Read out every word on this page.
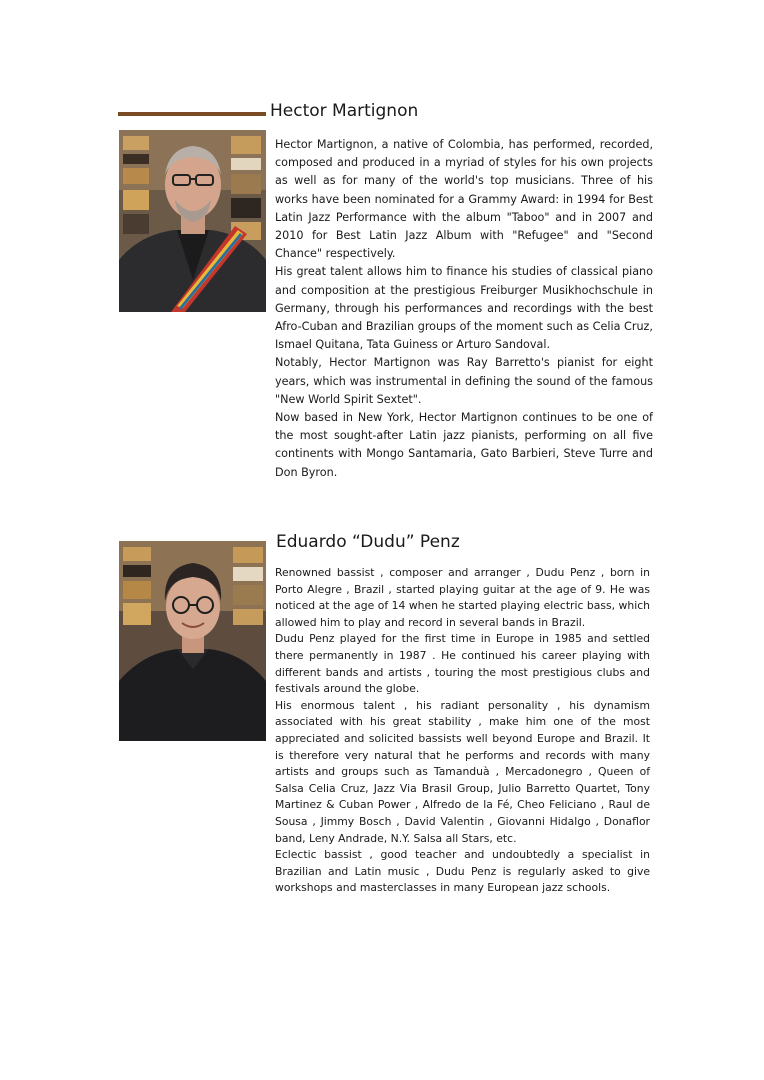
Hector Martignon

Hector Martignon, a native of Colombia, has performed, recorded, composed and produced in a myriad of styles for his own projects as well as for many of the world's top musicians. Three of his works have been nominated for a Grammy Award: in 1994 for Best Latin Jazz Performance with the album "Taboo" and in 2007 and 2010 for Best Latin Jazz Album with "Refugee" and "Second Chance" respectively.

His great talent allows him to finance his studies of classical piano and composition at the prestigious Freiburger Musikhochschule in Germany, through his performances and recordings with the best Afro-Cuban and Brazilian groups of the moment such as Celia Cruz, Ismael Quitana, Tata Guiness or Arturo Sandoval.

Notably, Hector Martignon was Ray Barretto's pianist for eight years, which was instrumental in defining the sound of the famous "New World Spirit Sextet".

Now based in New York, Hector Martignon continues to be one of the most sought-after Latin jazz pianists, performing on all five continents with Mongo Santamaria, Gato Barbieri, Steve Turre and Don Byron.

Eduardo “Dudu” Penz

Renowned bassist , composer and arranger , Dudu Penz , born in Porto Alegre , Brazil , started playing guitar at the age of 9. He was noticed at the age of 14 when he started playing electric bass, which allowed him to play and record in several bands in Brazil.

Dudu Penz played for the first time in Europe in 1985 and settled there permanently in 1987 . He continued his career playing with different bands and artists , touring the most prestigious clubs and festivals around the globe.

His enormous talent , his radiant personality , his dynamism associated with his great stability , make him one of the most appreciated and solicited bassists well beyond Europe and Brazil. It is therefore very natural that he performs and records with many artists and groups such as Tamanduà , Mercadonegro , Queen of Salsa Celia Cruz, Jazz Via Brasil Group, Julio Barretto Quartet, Tony Martinez & Cuban Power , Alfredo de la Fé, Cheo Feliciano , Raul de Sousa , Jimmy Bosch , David Valentin , Giovanni Hidalgo , Donaflor band, Leny Andrade, N.Y. Salsa all Stars, etc.

Eclectic bassist , good teacher and undoubtedly a specialist in Brazilian and Latin music , Dudu Penz is regularly asked to give workshops and masterclasses in many European jazz schools.
